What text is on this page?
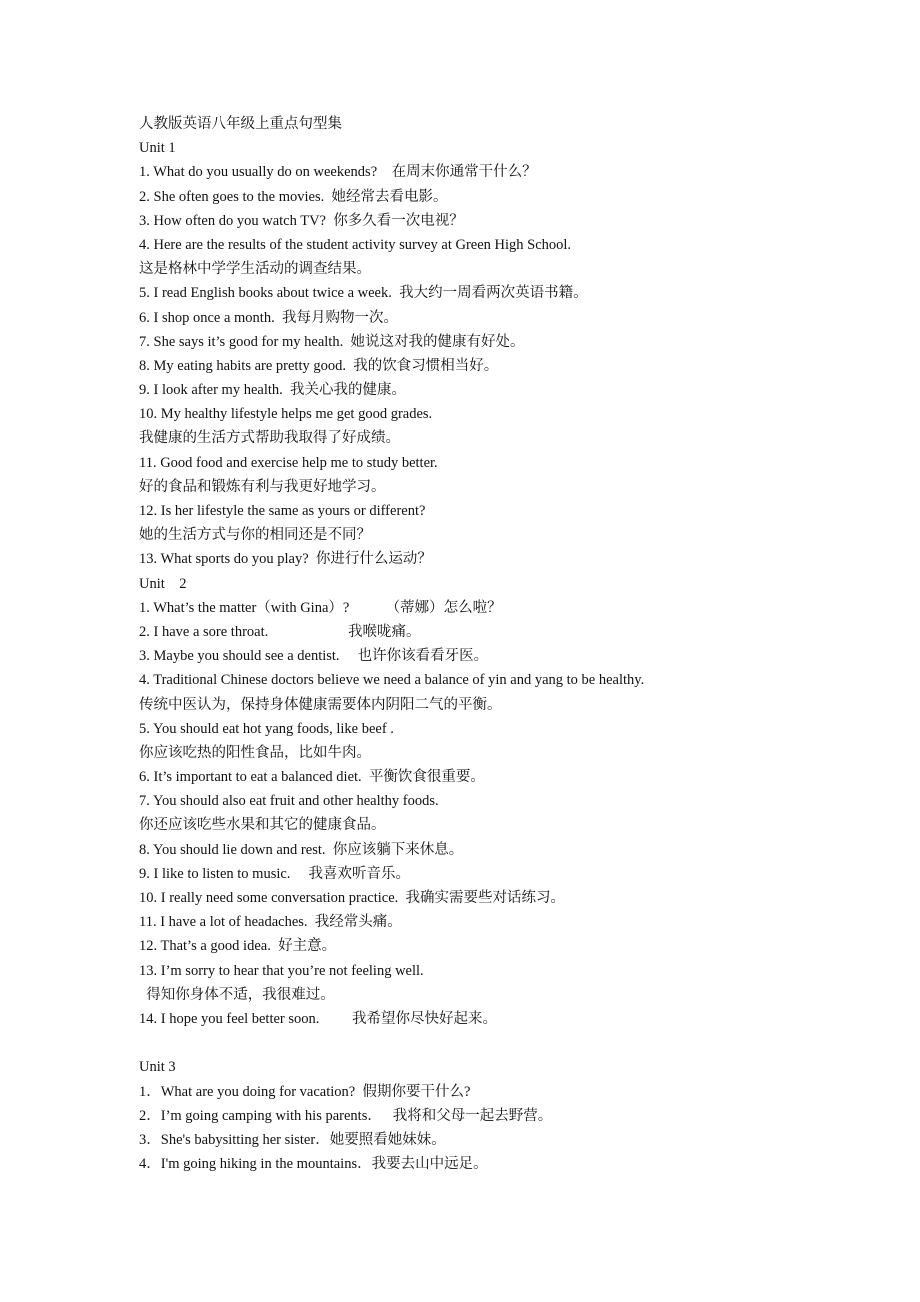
人教版英语八年级上重点句型集
Unit 1
1. What do you usually do on weekends?    在周末你通常干什么？
2. She often goes to the movies.  她经常去看电影。
3. How often do you watch TV?  你多久看一次电视？
4. Here are the results of the student activity survey at Green High School.
这是格林中学学生活动的调查结果。
5. I read English books about twice a week.  我大约一周看两次英语书籍。
6. I shop once a month.  我每月购物一次。
7. She says it’s good for my health.  她说这对我的健康有好处。
8. My eating habits are pretty good.  我的饮食习惯相当好。
9. I look after my health.  我关心我的健康。
10. My healthy lifestyle helps me get good grades.
我健康的生活方式帮助我取得了好成绩。
11. Good food and exercise help me to study better.
好的食品和锻炼有利与我更好地学习。
12. Is her lifestyle the same as yours or different?
她的生活方式与你的相同还是不同？
13. What sports do you play?  你进行什么运动？
Unit    2
1. What’s the matter（with Gina）?          （蒂娜）怎么啦？
2. I have a sore throat.                      我喉咙痛。
3. Maybe you should see a dentist.     也许你该看看牙医。
4. Traditional Chinese doctors believe we need a balance of yin and yang to be healthy.
传统中医认为，保持身体健康需要体内阴阳二气的平衡。
5. You should eat hot yang foods, like beef .
你应该吃热的阳性食品，比如牛肉。
6. It’s important to eat a balanced diet.  平衡饮食很重要。
7. You should also eat fruit and other healthy foods.
你还应该吃些水果和其它的健康食品。
8. You should lie down and rest.  你应该躺下来休息。
9. I like to listen to music.     我喜欢听音乐。
10. I really need some conversation practice.  我确实需要些对话练习。
11. I have a lot of headaches.  我经常头痛。
12. That’s a good idea.  好主意。
13. I’m sorry to hear that you’re not feeling well.
得知你身体不适，我很难过。
14. I hope you feel better soon.         我希望你尽快好起来。
Unit 3
1．What are you doing for vacation?  假期你要干什么?
2．I’m going camping with his parents．   我将和父母一起去野营。
3．She's babysitting her sister．她要照看她妹妹。
4．I'm going hiking in the mountains．我要去山中远足。
